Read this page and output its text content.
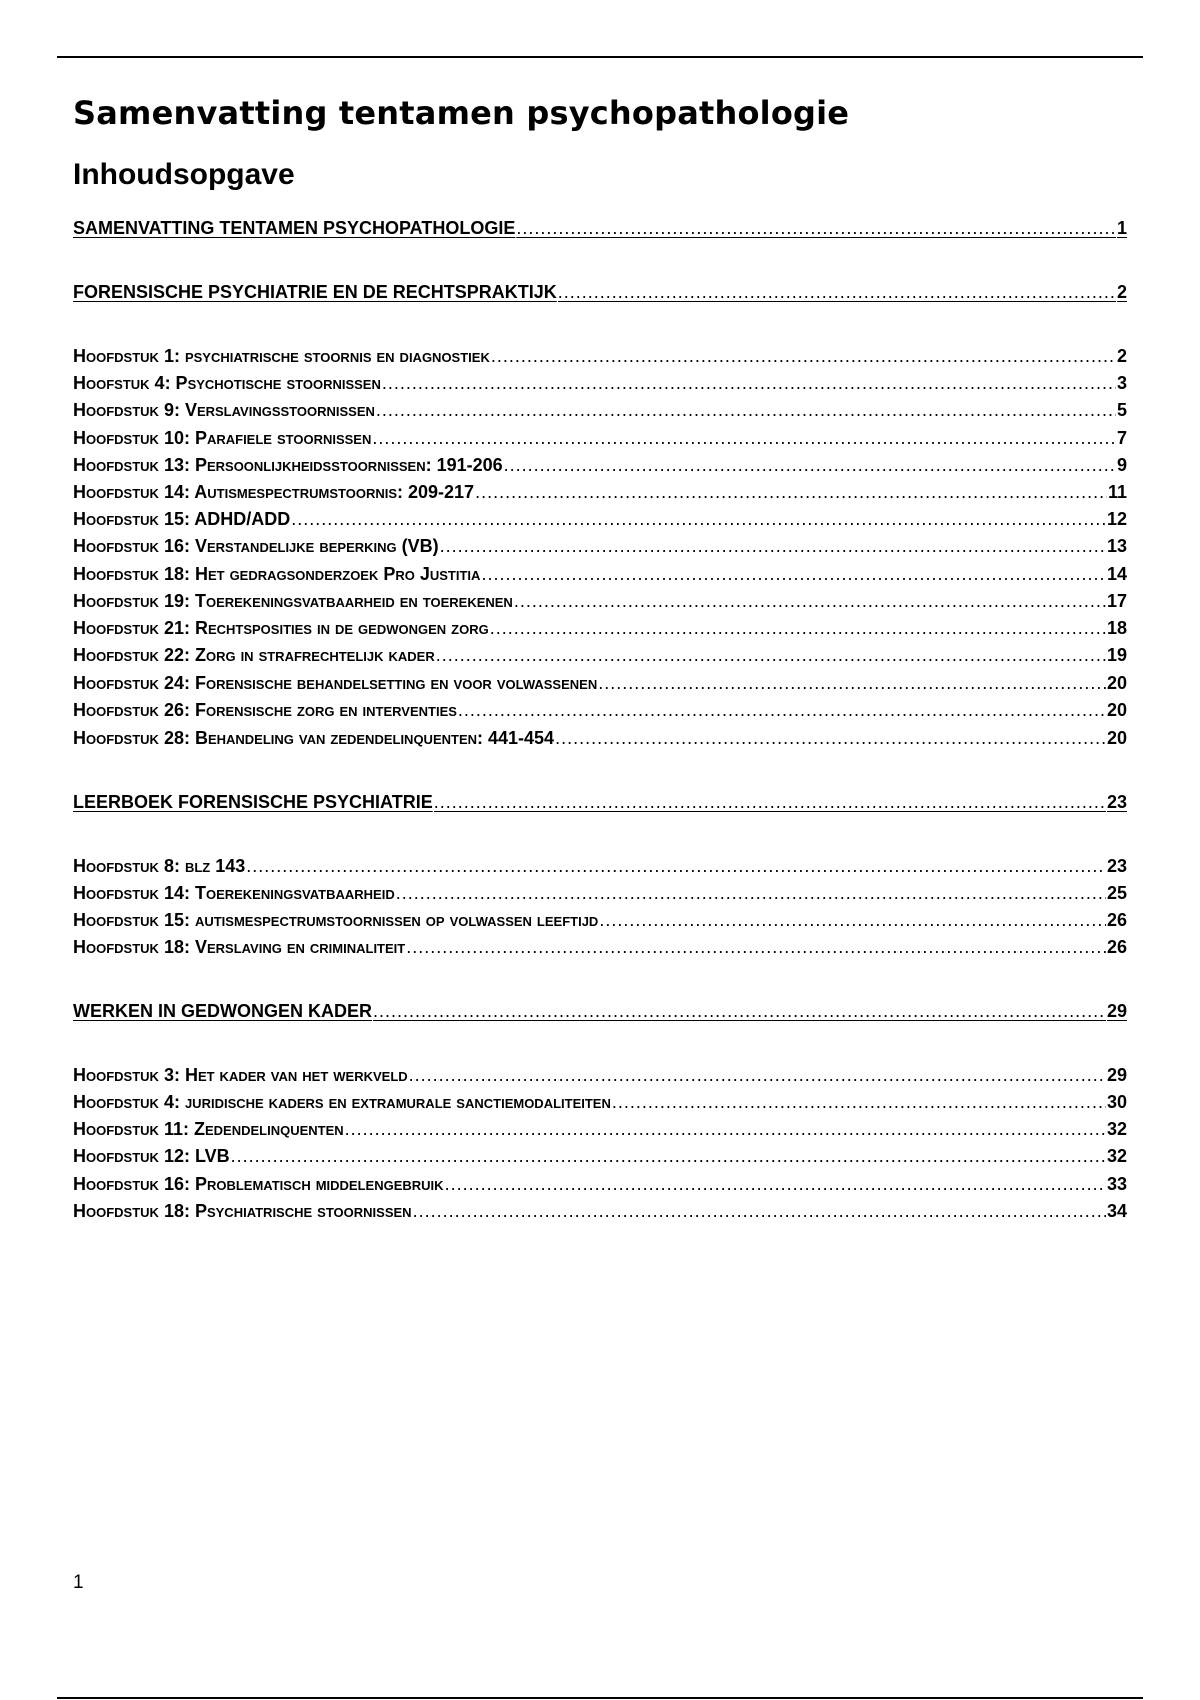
Samenvatting tentamen psychopathologie
Inhoudsopgave
SAMENVATTING TENTAMEN PSYCHOPATHOLOGIE .....	1
FORENSISCHE PSYCHIATRIE EN DE RECHTSPRAKTIJK .....	2
Hoofdstuk 1: psychiatrische stoornis en diagnostiek .....	2
Hoofstuk 4: Psychotische stoornissen .....	3
Hoofdstuk 9: Verslavingsstoornissen .....	5
Hoofdstuk 10: Parafiele stoornissen .....	7
Hoofdstuk 13: Persoonlijkheidsstoornissen: 191-206 .....	9
Hoofdstuk 14: Autismespectrumstoornis: 209-217 .....	11
Hoofdstuk 15: ADHD/ADD .....	12
Hoofdstuk 16: Verstandelijke beperking (VB) .....	13
Hoofdstuk 18: Het gedragsonderzoek Pro Justitia .....	14
Hoofdstuk 19: Toerekeningsvatbaarheid en toerekenen .....	17
Hoofdstuk 21: Rechtsposities in de gedwongen zorg .....	18
Hoofdstuk 22: Zorg in strafrechtelijk kader .....	19
Hoofdstuk 24: Forensische behandelsetting en voor volwassenen .....	20
Hoofdstuk 26: Forensische zorg en interventies .....	20
Hoofdstuk 28: Behandeling van zedendelinquenten: 441-454 .....	20
LEERBOEK FORENSISCHE PSYCHIATRIE .....	23
Hoofdstuk 8: blz 143 .....	23
Hoofdstuk 14: Toerekeningsvatbaarheid .....	25
Hoofdstuk 15: autismespectrumstoornissen op volwassen leeftijd .....	26
Hoofdstuk 18: Verslaving en criminaliteit .....	26
WERKEN IN GEDWONGEN KADER .....	29
Hoofdstuk 3: Het kader van het werkveld .....	29
Hoofdstuk 4: juridische kaders en extramurale sanctiemodaliteiten .....	30
Hoofdstuk 11: Zedendelinquenten .....	32
Hoofdstuk 12: LVB .....	32
Hoofdstuk 16: Problematisch middelengebruik .....	33
Hoofdstuk 18: Psychiatrische stoornissen .....	34
1
